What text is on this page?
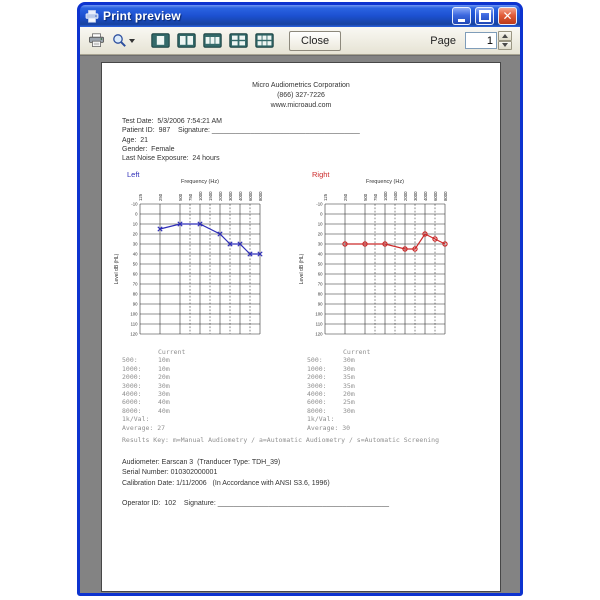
Print preview	✕
Close	Page
1
Micro Audiometrics Corporation
(866) 327-7226
www.microaud.com
Test Date:  5/3/2006 7:54:21 AM
Patient ID:  987    Signature: ______________________________________
Age:  21
Gender:  Female
Last Noise Exposure:  24 hours
Left
Frequency (Hz)
125	250	500 750 1000 1500 2000 3000 4000 6000 8000
-10
0
10
20
30
40
50
60
70
80
90
100
110
120
Level dB (HL)
Right
Frequency (Hz)
125	250	500 750 1000 1500 2000 3000 4000 6000 8000
-10
0
10
20
30
40
50
60
70
80
90
100
110
120
Level dB (HL)
Current
500:	10m
1000:	10m
2000:	20m
3000:	30m
4000:	30m
6000:	40m
8000:	40m
1k/Val:
Average: 27
Current
500:	30m
1000:	30m
2000:	35m
3000:	35m
4000:	20m
6000:	25m
8000:	30m
1k/Val:
Average: 30
Results Key: m=Manual Audiometry / a=Automatic Audiometry / s=Automatic Screening
Audiometer: Earscan 3  (Tranducer Type: TDH_39)
Serial Number: 010302000001
Calibration Date: 1/11/2006   (In Accordance with ANSI S3.6, 1996)
Operator ID:  102    Signature: ____________________________________________
